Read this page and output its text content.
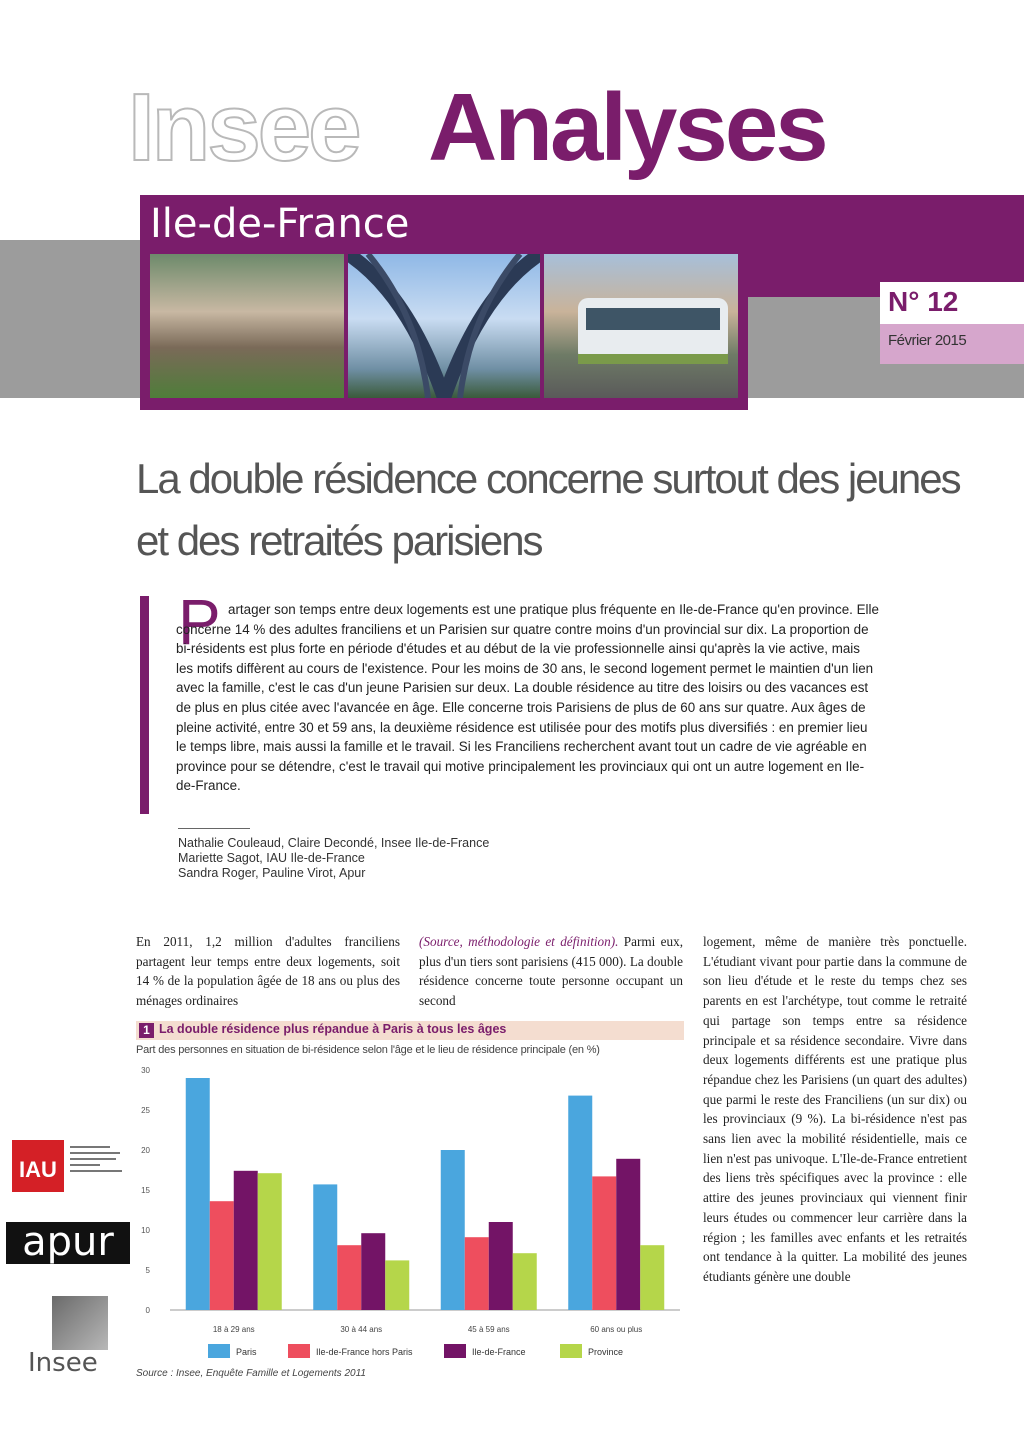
Insee Analyses
Ile-de-France
N° 12
Février 2015
La double résidence concerne surtout des jeunes
et des retraités parisiens
P artager son temps entre deux logements est une pratique plus fréquente en Ile-de-France qu'en province. Elle concerne 14 % des adultes franciliens et un Parisien sur quatre contre moins d'un provincial sur dix. La proportion de bi-résidents est plus forte en période d'études et au début de la vie professionnelle ainsi qu'après la vie active, mais les motifs diffèrent au cours de l'existence. Pour les moins de 30 ans, le second logement permet le maintien d'un lien avec la famille, c'est le cas d'un jeune Parisien sur deux. La double résidence au titre des loisirs ou des vacances est de plus en plus citée avec l'avancée en âge. Elle concerne trois Parisiens de plus de 60 ans sur quatre. Aux âges de pleine activité, entre 30 et 59 ans, la deuxième résidence est utilisée pour des motifs plus diversifiés : en premier lieu le temps libre, mais aussi la famille et le travail. Si les Franciliens recherchent avant tout un cadre de vie agréable en province pour se détendre, c'est le travail qui motive principalement les provinciaux qui ont un autre logement en Ile-de-France.
Nathalie Couleaud, Claire Decondé, Insee Ile-de-France
Mariette Sagot, IAU Ile-de-France
Sandra Roger, Pauline Virot, Apur
En 2011, 1,2 million d'adultes franciliens partagent leur temps entre deux logements, soit 14 % de la population âgée de 18 ans ou plus des ménages ordinaires
(Source, méthodologie et définition). Parmi eux, plus d'un tiers sont parisiens (415 000). La double résidence concerne toute personne occupant un second
logement, même de manière très ponctuelle. L'étudiant vivant pour partie dans la commune de son lieu d'étude et le reste du temps chez ses parents en est l'archétype, tout comme le retraité qui partage son temps entre sa résidence principale et sa résidence secondaire. Vivre dans deux logements différents est une pratique plus répandue chez les Parisiens (un quart des adultes) que parmi le reste des Franciliens (un sur dix) ou les provinciaux (9 %). La bi-résidence n'est pas sans lien avec la mobilité résidentielle, mais ce lien n'est pas univoque. L'Ile-de-France entretient des liens très spécifiques avec la province : elle attire des jeunes provinciaux qui viennent finir leurs études ou commencer leur carrière dans la région ; les familles avec enfants et les retraités ont tendance à la quitter. La mobilité des jeunes étudiants génère une double
1 La double résidence plus répandue à Paris à tous les âges
Part des personnes en situation de bi-résidence selon l'âge et le lieu de résidence principale (en %)
0
5
10
15
20
25
30
18 à 29 ans	30 à 44 ans	45 à 59 ans	60 ans ou plus
Paris	Ile-de-France hors Paris	Ile-de-France	Province
Source : Insee, Enquête Famille et Logements 2011
IAU
apur
Insee
